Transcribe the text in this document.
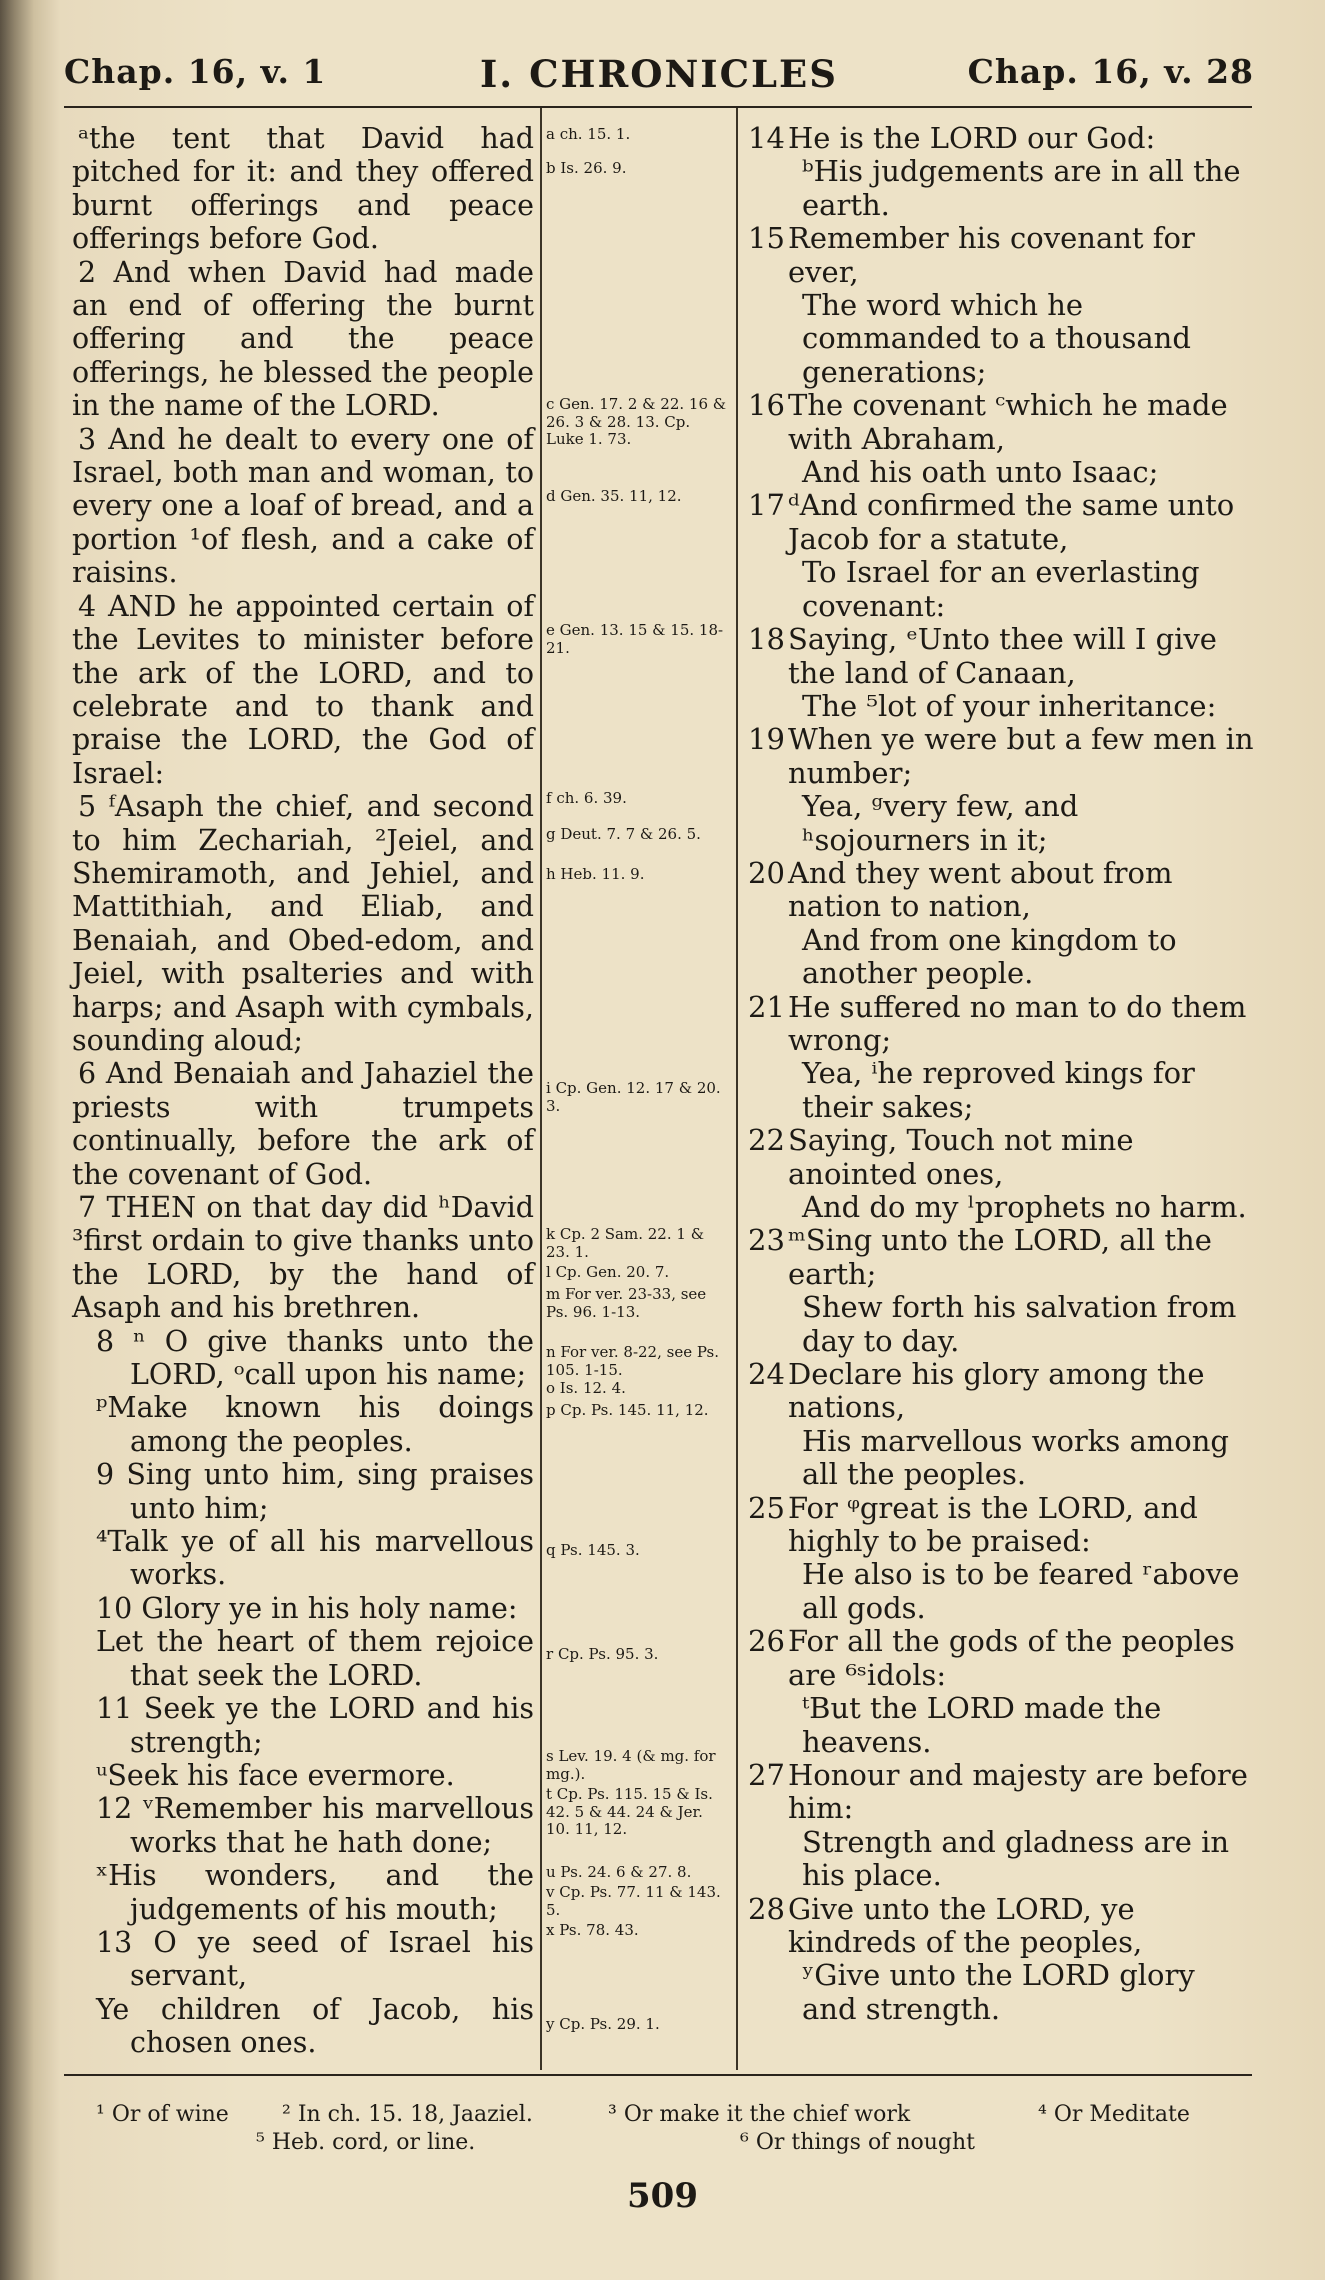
I. CHRONICLES
Chap. 16, v. 1	Chap. 16, v. 28

ᵃthe tent that David had pitched for it: and they offered burnt offerings and peace offerings before God.

2 And when David had made an end of offering the burnt offering and the peace offerings, he blessed the people in the name of the LORD.

3 And he dealt to every one of Israel, both man and woman, to every one a loaf of bread, and a portion ¹of flesh, and a cake of raisins.

4 AND he appointed certain of the Levites to minister before the ark of the LORD, and to celebrate and to thank and praise the LORD, the God of Israel:

5 ᶠAsaph the chief, and second to him Zechariah, ²Jeiel, and Shemiramoth, and Jehiel, and Mattithiah, and Eliab, and Benaiah, and Obed-edom, and Jeiel, with psalteries and with harps; and Asaph with cymbals, sounding aloud;

6 And Benaiah and Jahaziel the priests with trumpets continually, before the ark of the covenant of God.

7 THEN on that day did ʰDavid ³first ordain to give thanks unto the LORD, by the hand of Asaph and his brethren.

8 ⁿ O give thanks unto the LORD, ᵒcall upon his name;

ᵖMake known his doings among the peoples.

9 Sing unto him, sing praises unto him;

⁴Talk ye of all his marvellous works.

10 Glory ye in his holy name:

Let the heart of them rejoice that seek the LORD.

11 Seek ye the LORD and his strength;

ᵘSeek his face evermore.

12 ᵛRemember his marvellous works that he hath done;

ˣHis wonders, and the judgements of his mouth;

13 O ye seed of Israel his servant,

Ye children of Jacob, his chosen ones.

a ch. 15. 1.
b Is. 26. 9.
c Gen. 17. 2 & 22. 16 & 26. 3 & 28. 13. Cp. Luke 1. 73.
d Gen. 35. 11, 12.
e Gen. 13. 15 & 15. 18-21.
f ch. 6. 39.
g Deut. 7. 7 & 26. 5.
h Heb. 11. 9.
i Cp. Gen. 12. 17 & 20. 3.
k Cp. 2 Sam. 22. 1 & 23. 1.
l Cp. Gen. 20. 7.
m For ver. 23-33, see Ps. 96. 1-13.
n For ver. 8-22, see Ps. 105. 1-15.
o Is. 12. 4.
p Cp. Ps. 145. 11, 12.
q Ps. 145. 3.
r Cp. Ps. 95. 3.
s Lev. 19. 4 (& mg. for mg.).
t Cp. Ps. 115. 15 & Is. 42. 5 & 44. 24 & Jer. 10. 11, 12.
u Ps. 24. 6 & 27. 8.
v Cp. Ps. 77. 11 & 143. 5.
x Ps. 78. 43.
y Cp. Ps. 29. 1.
14 He is the LORD our God:

ᵇHis judgements are in all the earth.

15 Remember his covenant for ever,

The word which he commanded to a thousand generations;

16 The covenant ᶜwhich he made with Abraham,

And his oath unto Isaac;

17 ᵈAnd confirmed the same unto Jacob for a statute,

To Israel for an everlasting covenant:

18 Saying, ᵉUnto thee will I give the land of Canaan,

The ⁵lot of your inheritance:

19 When ye were but a few men in number;

Yea, ᵍvery few, and ʰsojourners in it;

20 And they went about from nation to nation,

And from one kingdom to another people.

21 He suffered no man to do them wrong;

Yea, ⁱhe reproved kings for their sakes;

22 Saying, Touch not mine anointed ones,

And do my ˡprophets no harm.

23 ᵐSing unto the LORD, all the earth;

Shew forth his salvation from day to day.

24 Declare his glory among the nations,

His marvellous works among all the peoples.

25 For ᵠgreat is the LORD, and highly to be praised:

He also is to be feared ʳabove all gods.

26 For all the gods of the peoples are ⁶ˢidols:

ᵗBut the LORD made the heavens.

27 Honour and majesty are before him:

Strength and gladness are in his place.

28 Give unto the LORD, ye kindreds of the peoples,

ʸGive unto the LORD glory and strength.

¹ Or of wine ² In ch. 15. 18, Jaaziel.	³ Or make it the chief work	⁴ Or Meditate
⁵ Heb. cord, or line.	⁶ Or things of nought
509
